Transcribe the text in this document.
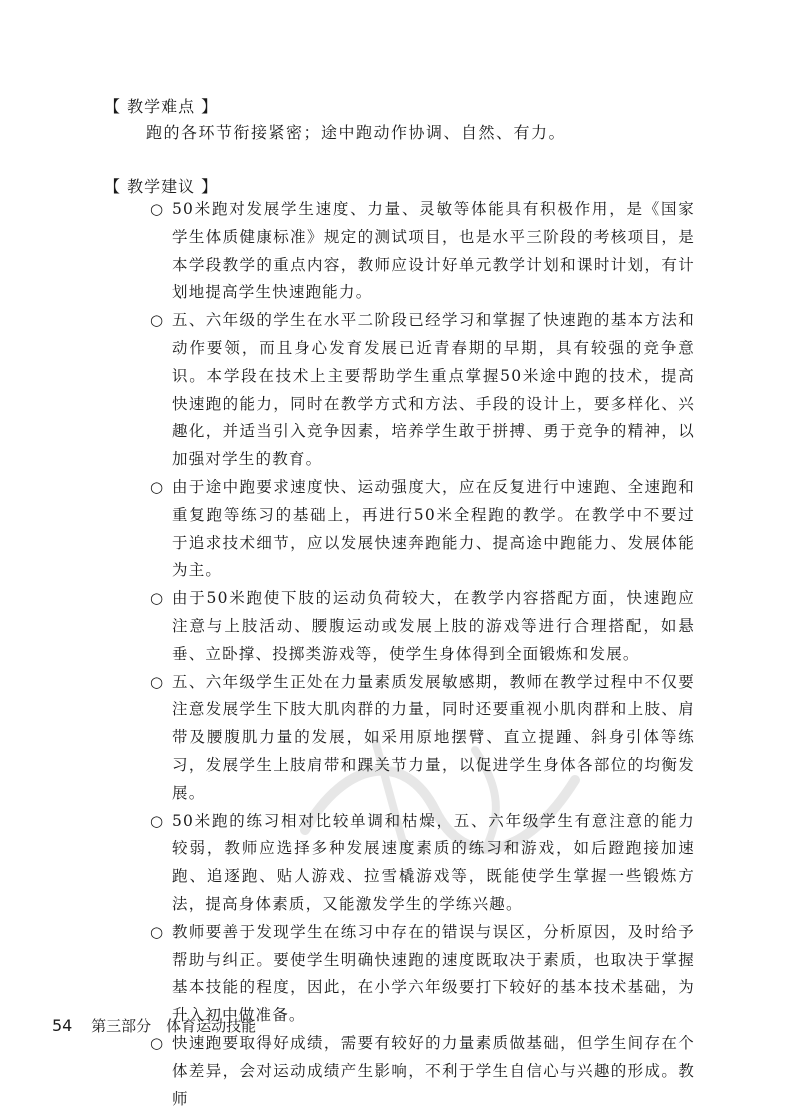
【 教学难点 】
跑的各环节衔接紧密；途中跑动作协调、自然、有力。
【 教学建议 】
○ 50米跑对发展学生速度、力量、灵敏等体能具有积极作用，是《国家学生体质健康标准》规定的测试项目，也是水平三阶段的考核项目，是本学段教学的重点内容，教师应设计好单元教学计划和课时计划，有计划地提高学生快速跑能力。
○ 五、六年级的学生在水平二阶段已经学习和掌握了快速跑的基本方法和动作要领，而且身心发育发展已近青春期的早期，具有较强的竞争意识。本学段在技术上主要帮助学生重点掌握50米途中跑的技术，提高快速跑的能力，同时在教学方式和方法、手段的设计上，要多样化、兴趣化，并适当引入竞争因素，培养学生敢于拼搏、勇于竞争的精神，以加强对学生的教育。
○ 由于途中跑要求速度快、运动强度大，应在反复进行中速跑、全速跑和重复跑等练习的基础上，再进行50米全程跑的教学。在教学中不要过于追求技术细节，应以发展快速奔跑能力、提高途中跑能力、发展体能为主。
○ 由于50米跑使下肢的运动负荷较大，在教学内容搭配方面，快速跑应注意与上肢活动、腰腹运动或发展上肢的游戏等进行合理搭配，如悬垂、立卧撑、投掷类游戏等，使学生身体得到全面锻炼和发展。
○ 五、六年级学生正处在力量素质发展敏感期，教师在教学过程中不仅要注意发展学生下肢大肌肉群的力量，同时还要重视小肌肉群和上肢、肩带及腰腹肌力量的发展，如采用原地摆臂、直立提踵、斜身引体等练习，发展学生上肢肩带和踝关节力量，以促进学生身体各部位的均衡发展。
○ 50米跑的练习相对比较单调和枯燥，五、六年级学生有意注意的能力较弱，教师应选择多种发展速度素质的练习和游戏，如后蹬跑接加速跑、追逐跑、贴人游戏、拉雪橇游戏等，既能使学生掌握一些锻炼方法，提高身体素质，又能激发学生的学练兴趣。
○ 教师要善于发现学生在练习中存在的错误与误区，分析原因，及时给予帮助与纠正。要使学生明确快速跑的速度既取决于素质，也取决于掌握基本技能的程度，因此，在小学六年级要打下较好的基本技术基础，为升入初中做准备。
○ 快速跑要取得好成绩，需要有较好的力量素质做基础，但学生间存在个体差异，会对运动成绩产生影响，不利于学生自信心与兴趣的形成。教师
54 第三部分　体育运动技能
